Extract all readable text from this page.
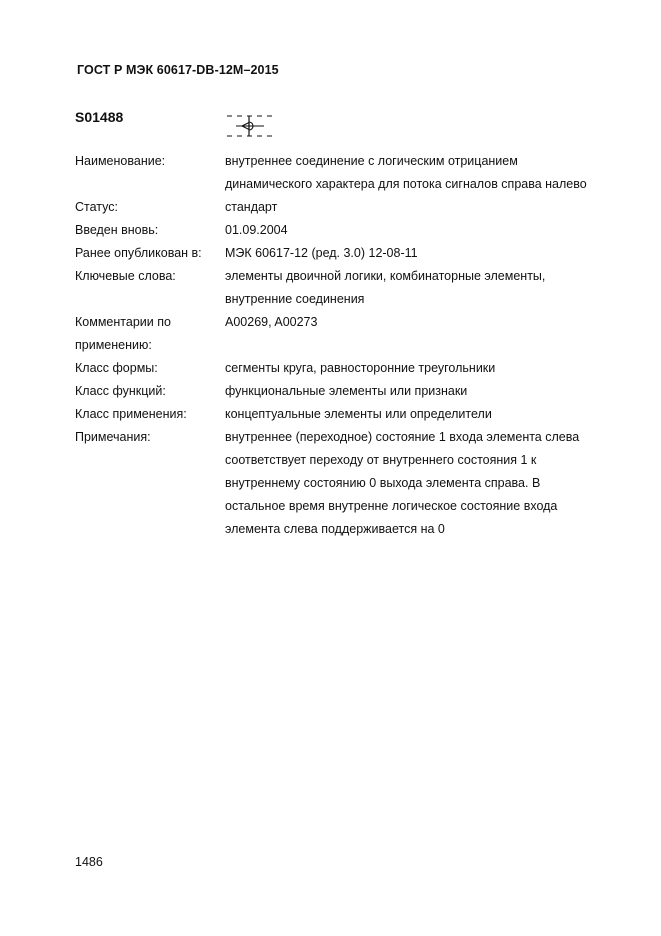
ГОСТ Р МЭК 60617-DB-12M–2015
S01488
Наименование:	внутреннее соединение с логическим отрицанием
динамического характера для потока сигналов справа налево
Статус:	стандарт
Введен вновь:	01.09.2004
Ранее опубликован в:	МЭК 60617-12 (ред. 3.0) 12-08-11
Ключевые слова:	элементы двоичной логики, комбинаторные элементы,
внутренние соединения
Комментарии по
применению:
A00269, A00273
Класс формы:	сегменты круга, равносторонние треугольники
Класс функций:	функциональные элементы или признаки
Класс применения:	концептуальные элементы или определители
Примечания:	внутреннее (переходное) состояние 1 входа элемента слева
соответствует переходу от внутреннего состояния 1 к
внутреннему состоянию 0 выхода элемента справа. В
остальное время внутренне логическое состояние входа
элемента слева поддерживается на 0
1486
